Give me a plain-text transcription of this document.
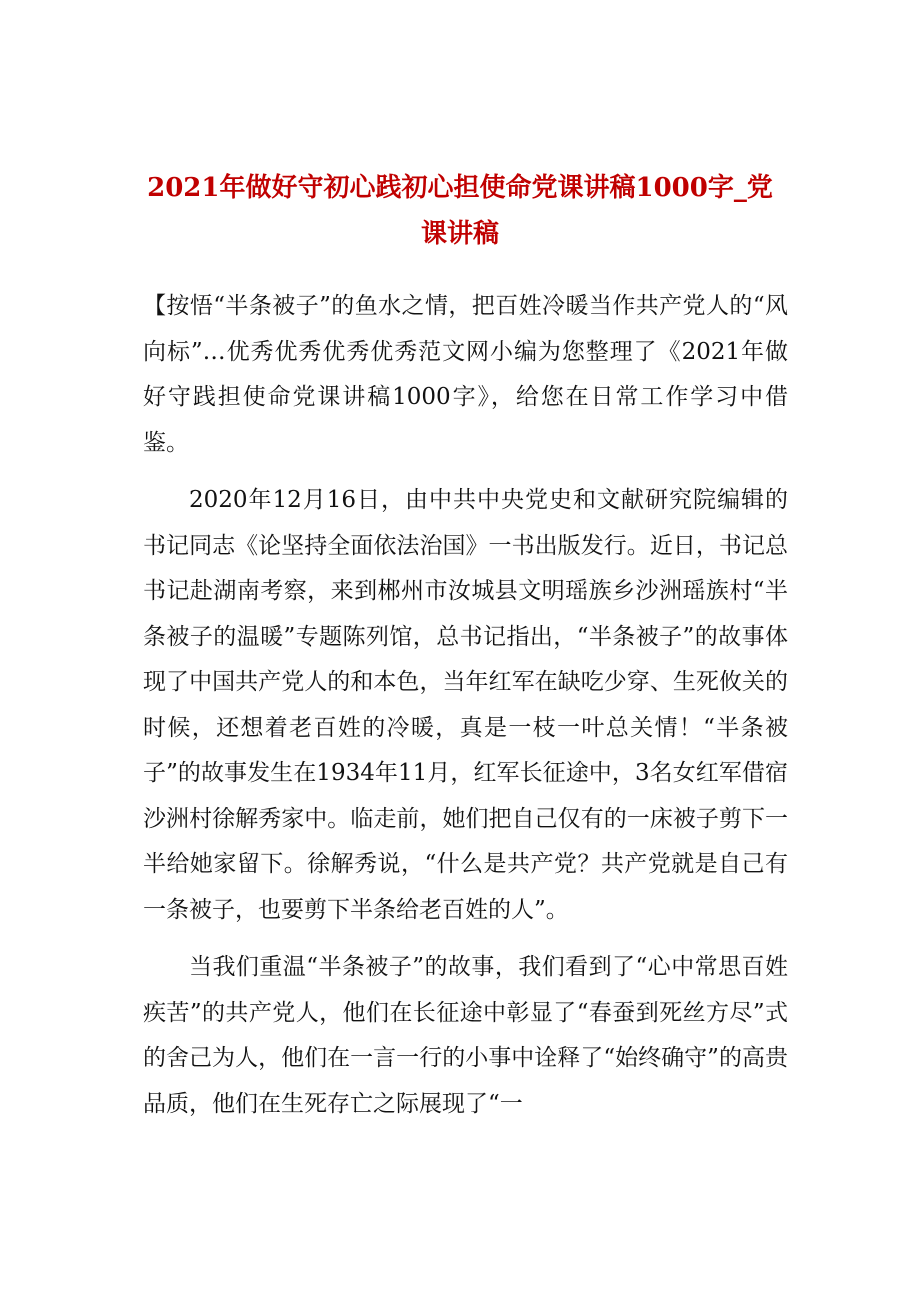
2021年做好守初心践初心担使命党课讲稿1000字_党课讲稿

【按悟“半条被子”的鱼水之情，把百姓冷暖当作共产党人的“风向标”…优秀优秀优秀优秀范文网小编为您整理了《2021年做好守践担使命党课讲稿1000字》，给您在日常工作学习中借鉴。

2020年12月16日，由中共中央党史和文献研究院编辑的书记同志《论坚持全面依法治国》一书出版发行。近日，书记总书记赴湖南考察，来到郴州市汝城县文明瑶族乡沙洲瑶族村“半条被子的温暖”专题陈列馆，总书记指出，“半条被子”的故事体现了中国共产党人的和本色，当年红军在缺吃少穿、生死攸关的时候，还想着老百姓的冷暖，真是一枝一叶总关情！“半条被子”的故事发生在1934年11月，红军长征途中，3名女红军借宿沙洲村徐解秀家中。临走前，她们把自己仅有的一床被子剪下一半给她家留下。徐解秀说，“什么是共产党？共产党就是自己有一条被子，也要剪下半条给老百姓的人”。

当我们重温“半条被子”的故事，我们看到了“心中常思百姓疾苦”的共产党人，他们在长征途中彰显了“春蚕到死丝方尽”式的舍己为人，他们在一言一行的小事中诠释了“始终确守”的高贵品质，他们在生死存亡之际展现了“一
